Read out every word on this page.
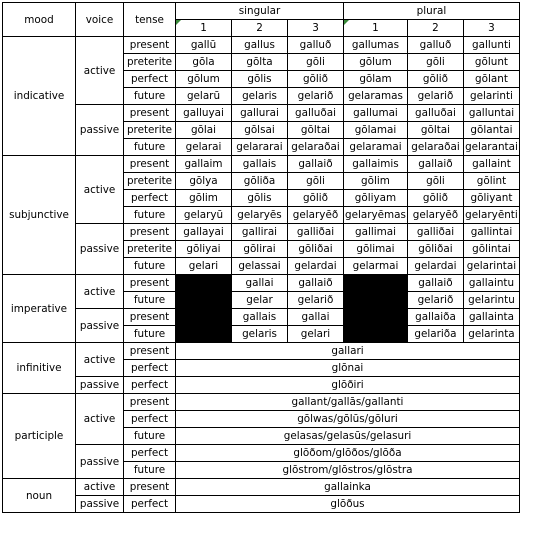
mood	voice	tense	singular			plural		

1	2	3	1	2	3
indicative	active	present	gallū	gallus	galluð	gallumas	galluð	gallunti
		preterite	gōla	gōlta	gōli	gōlum	gōli	gōlunt
		perfect	gōlum	gōlis	gōlið	gōlam	gōlið	gōlant
		future	gelarū	gelaris	gelarið	gelaramas	gelarið	gelarinti
	passive	present	galluyai	gallurai	galluðai	gallumai	galluðai	galluntai
		preterite	gōlai	gōlsai	gōltai	gōlamai	gōltai	gōlantai
		future	gelarai	gelararai	gelaraðai	gelaramai	gelaraðai	gelarantai
subjunctive	active	present	gallaim	gallais	gallaið	gallaimis	gallaið	gallaint
		preterite	gōlya	gōliða	gōli	gōlim	gōli	gōlint
		perfect	gōlim	gōlis	gōlið	gōliyam	gōlið	gōliyant
		future	gelaryū	gelaryēs	gelaryēð	gelaryēmas	gelaryēð	gelaryēnti
	passive	present	gallayai	gallirai	galliðai	gallimai	galliðai	gallintai
		preterite	gōliyai	gōlirai	gōliðai	gōlimai	gōliðai	gōlintai
		future	gelari	gelassai	gelardai	gelarmai	gelardai	gelarintai
imperative	active	present		gallai	gallaið		gallaið	gallaintu
		future		gelar	gelarið		gelarið	gelarintu
	passive	present		gallais	gallai		gallaiða	gallainta
		future		gelaris	gelari		gelariða	gelarinta
infinitive	active	present	gallari					
		perfect	glōnai					
	passive	perfect	glōðiri					
participle	active	present	gallant/gallās/gallanti					
		perfect	gōlwas/gōlūs/gōluri					
		future	gelasas/gelasūs/gelasuri					
	passive	perfect	glōðom/glōðos/glōða					
		future	glōstrom/glōstros/glōstra					
noun	active	present	gallainka					
	passive	perfect	glōðus					
